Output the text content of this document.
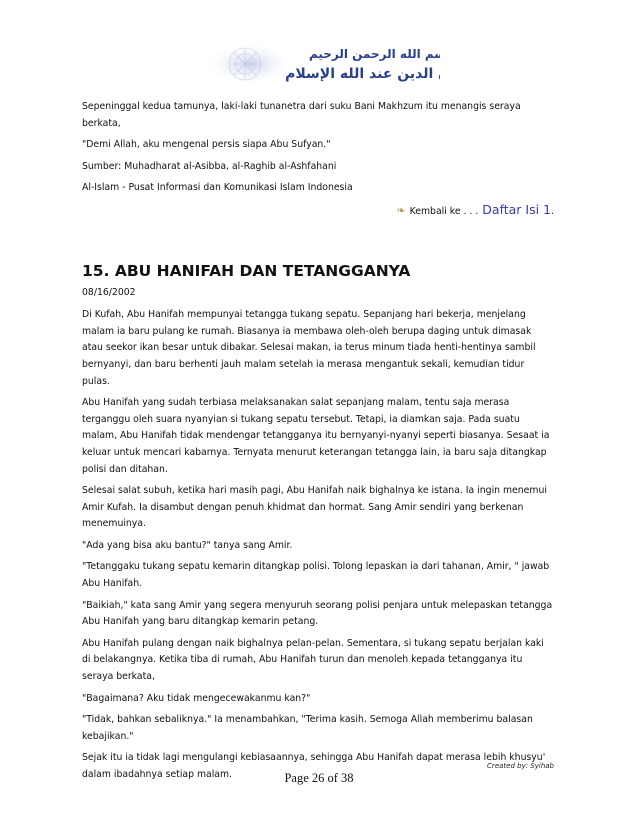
بسم الله الرحمن الرحيم
إن الدين عند الله الإسلام

Sepeninggal kedua tamunya, laki-laki tunanetra dari suku Bani Makhzum itu menangis seraya berkata,

"Demi Allah, aku mengenal persis siapa Abu Sufyan."

Sumber: Muhadharat al-Asibba, al-Raghib al-Ashfahani

Al-Islam - Pusat Informasi dan Komunikasi Islam Indonesia

❧ Kembali ke . . . Daftar Isi 1.
15. ABU HANIFAH DAN TETANGGANYA
08/16/2002

Di Kufah, Abu Hanifah mempunyai tetangga tukang sepatu. Sepanjang hari bekerja, menjelang malam ia baru pulang ke rumah. Biasanya ia membawa oleh-oleh berupa daging untuk dimasak atau seekor ikan besar untuk dibakar. Selesai makan, ia terus minum tiada henti-hentinya sambil bernyanyi, dan baru berhenti jauh malam setelah ia merasa mengantuk sekali, kemudian tidur pulas.

Abu Hanifah yang sudah terbiasa melaksanakan salat sepanjang malam, tentu saja merasa terganggu oleh suara nyanyian si tukang sepatu tersebut. Tetapi, ia diamkan saja. Pada suatu malam, Abu Hanifah tidak mendengar tetangganya itu bernyanyi-nyanyi seperti biasanya. Sesaat ia keluar untuk mencari kabarnya. Ternyata menurut keterangan tetangga lain, ia baru saja ditangkap polisi dan ditahan.

Selesai salat subuh, ketika hari masih pagi, Abu Hanifah naik bighalnya ke istana. Ia ingin menemui Amir Kufah. Ia disambut dengan penuh khidmat dan hormat. Sang Amir sendiri yang berkenan menemuinya.

"Ada yang bisa aku bantu?" tanya sang Amir.

"Tetanggaku tukang sepatu kemarin ditangkap polisi. Tolong lepaskan ia dari tahanan, Amir, " jawab Abu Hanifah.

"Baikiah," kata sang Amir yang segera menyuruh seorang polisi penjara untuk melepaskan tetangga Abu Hanifah yang baru ditangkap kemarin petang.

Abu Hanifah pulang dengan naik bighalnya pelan-pelan. Sementara, si tukang sepatu berjalan kaki di belakangnya. Ketika tiba di rumah, Abu Hanifah turun dan menoleh kepada tetangganya itu seraya berkata,

"Bagaimana? Aku tidak mengecewakanmu kan?"

"Tidak, bahkan sebaliknya." Ia menambahkan, "Terima kasih. Semoga Allah memberimu balasan kebajikan."

Sejak itu ia tidak lagi mengulangi kebiasaannya, sehingga Abu Hanifah dapat merasa lebih khusyu' dalam ibadahnya setiap malam.

Created by: Syihab
Page 26 of 38
